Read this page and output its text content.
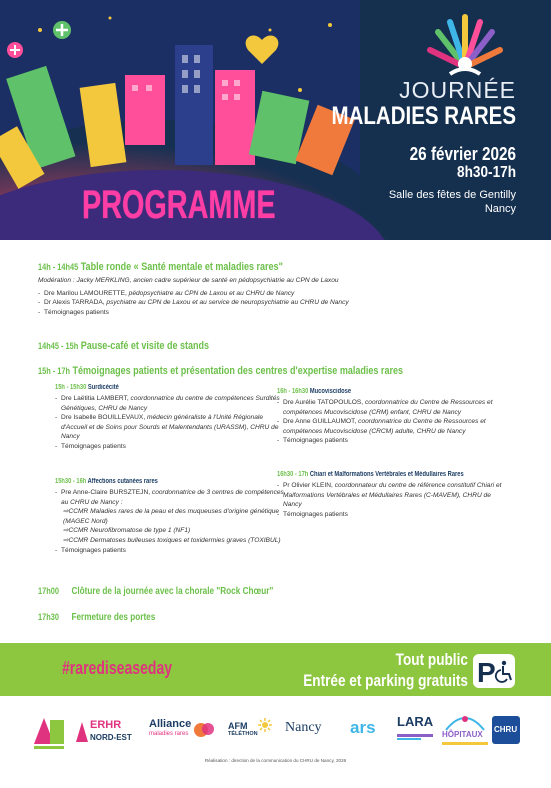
JOURNÉE
MALADIES RARES
26 février 2026
8h30-17h
Salle des fêtes de Gentilly
Nancy
PROGRAMME
14h - 14h45 Table ronde « Santé mentale et maladies rares"
Modération : Jacky MERKLING, ancien cadre supérieur de santé en pédopsychiatrie au CPN de Laxou
- Dre Marilou LAMOURETTE, pédopsychiatre au CPN de Laxou et au CHRU de Nancy
- Dr Alexis TARRADA, psychiatre au CPN de Laxou et au service de neuropsychiatrie au CHRU de Nancy
- Témoignages patients
14h45 - 15h Pause-café et visite de stands
15h - 17h Témoignages patients et présentation des centres d'expertise maladies rares
15h - 15h30 Surdicécité
- Dre Laëtitia LAMBERT, coordonnatrice du centre de compétences Surdités Génétiques, CHRU de Nancy
- Dre Isabelle BOUILLEVAUX, médecin généraliste à l'Unité Régionale d'Accueil et de Soins pour Sourds et Malentendants (URASSM), CHRU de Nancy
- Témoignages patients
15h30 - 16h Affections cutanées rares
- Pre Anne-Claire BURSZTEJN, coordonnatrice de 3 centres de compétences au CHRU de Nancy :
⇨CCMR Maladies rares de la peau et des muqueuses d'origine génétique (MAGEC Nord)
⇨CCMR Neurofibromatose de type 1 (NF1)
⇨CCMR Dermatoses bulleuses toxiques et toxidermies graves (TOXIBUL)
- Témoignages patients
16h - 16h30 Mucoviscidose
- Dre Aurélie TATOPOULOS, coordonnatrice du Centre de Ressources et compétences Mucoviscidose (CRM) enfant, CHRU de Nancy
- Dre Anne GUILLAUMOT, coordonnatrice du Centre de Ressources et compétences Mucoviscidose (CRCM) adulte, CHRU de Nancy
- Témoignages patients
16h30 - 17h Chiari et Malformations Vertébrales et Médullaires Rares
- Pr Olivier KLEIN, coordonnateur du centre de référence constitutif Chiari et Malformations Vertébrales et Médullaires Rares (C-MAVEM), CHRU de Nancy
- Témoignages patients
17h00 Clôture de la journée avec la chorale "Rock Chœur"
17h30 Fermeture des portes
#rarediseaseday	Tout public
Entrée et parking gratuits P
ERHR
NORD-EST
Alliance
maladies rares
AFM
TÉLÉTHON Nancy ars LARA
HÔPITAUX
CHRU
Réalisation : direction de la communication du CHRU de Nancy, 2026
